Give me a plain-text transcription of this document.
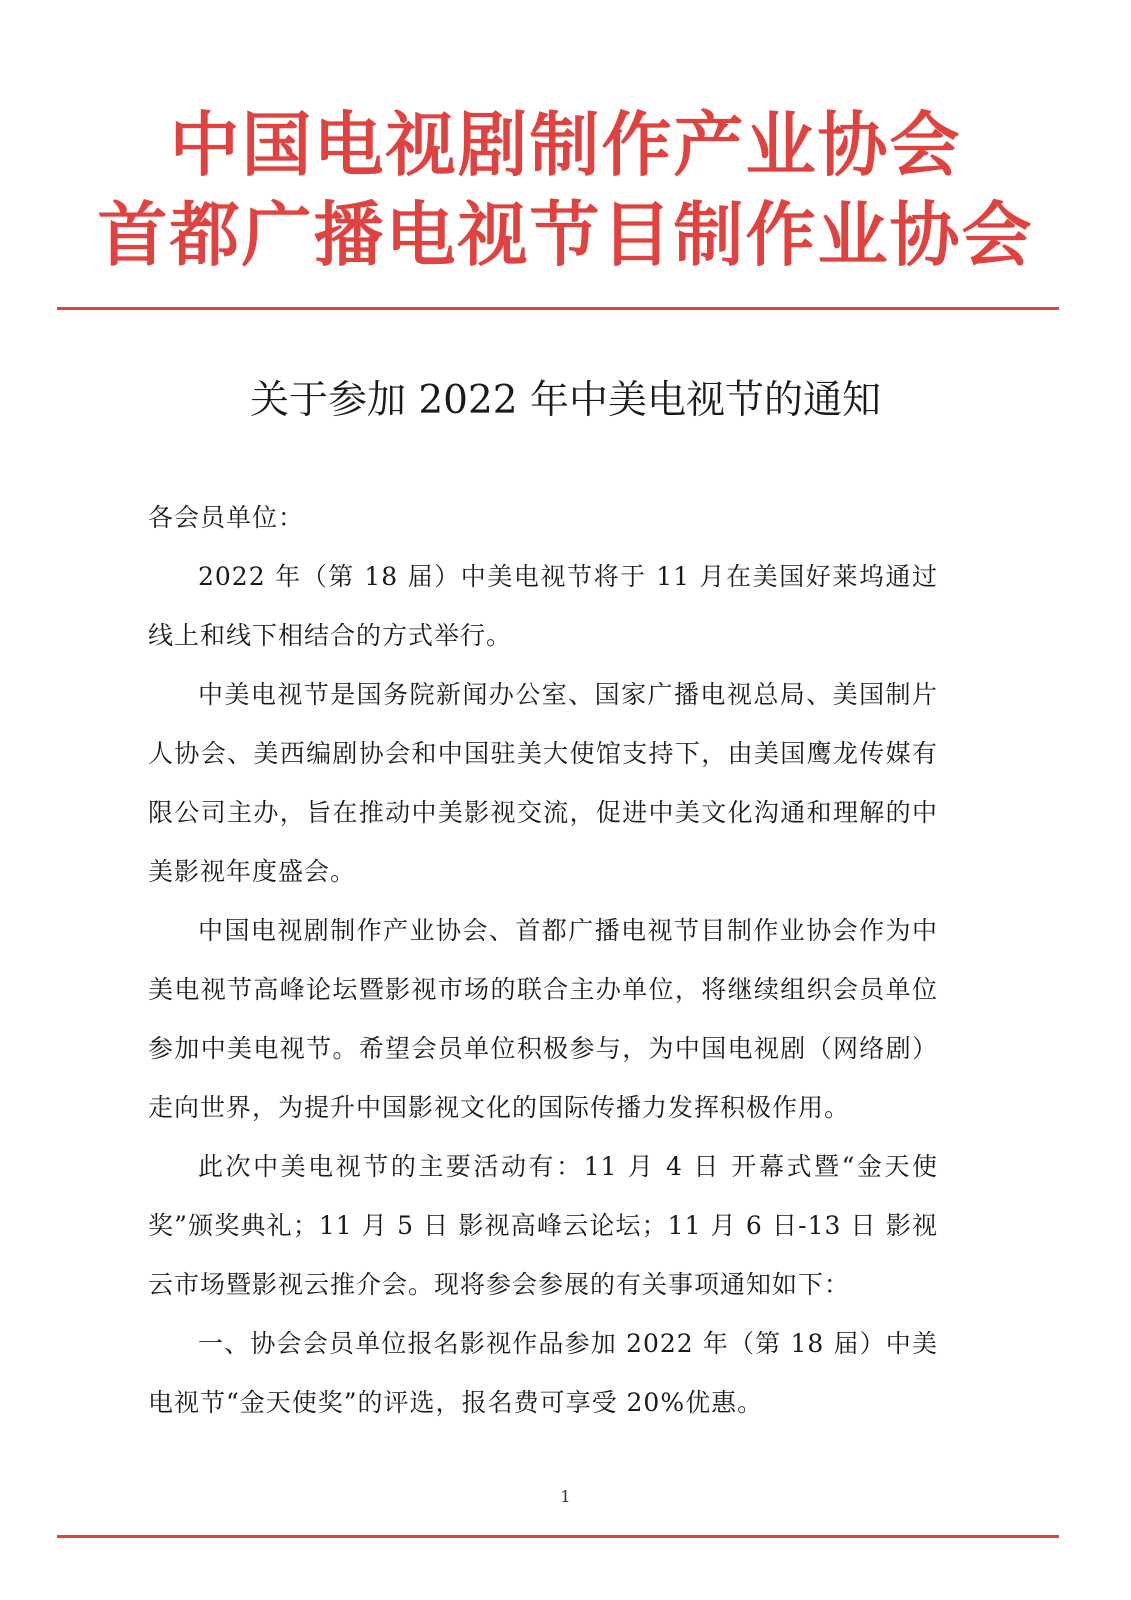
中国电视剧制作产业协会
首都广播电视节目制作业协会
关于参加 2022 年中美电视节的通知

各会员单位：

2022 年（第 18 届）中美电视节将于 11 月在美国好莱坞通过线上和线下相结合的方式举行。

中美电视节是国务院新闻办公室、国家广播电视总局、美国制片人协会、美西编剧协会和中国驻美大使馆支持下，由美国鹰龙传媒有限公司主办，旨在推动中美影视交流，促进中美文化沟通和理解的中美影视年度盛会。

中国电视剧制作产业协会、首都广播电视节目制作业协会作为中美电视节高峰论坛暨影视市场的联合主办单位，将继续组织会员单位参加中美电视节。希望会员单位积极参与，为中国电视剧（网络剧）走向世界，为提升中国影视文化的国际传播力发挥积极作用。

此次中美电视节的主要活动有：11 月 4 日 开幕式暨“金天使奖”颁奖典礼；11 月 5 日 影视高峰云论坛；11 月 6 日-13 日 影视云市场暨影视云推介会。现将参会参展的有关事项通知如下：

一、协会会员单位报名影视作品参加 2022 年（第 18 届）中美电视节“金天使奖”的评选，报名费可享受 20%优惠。

1
